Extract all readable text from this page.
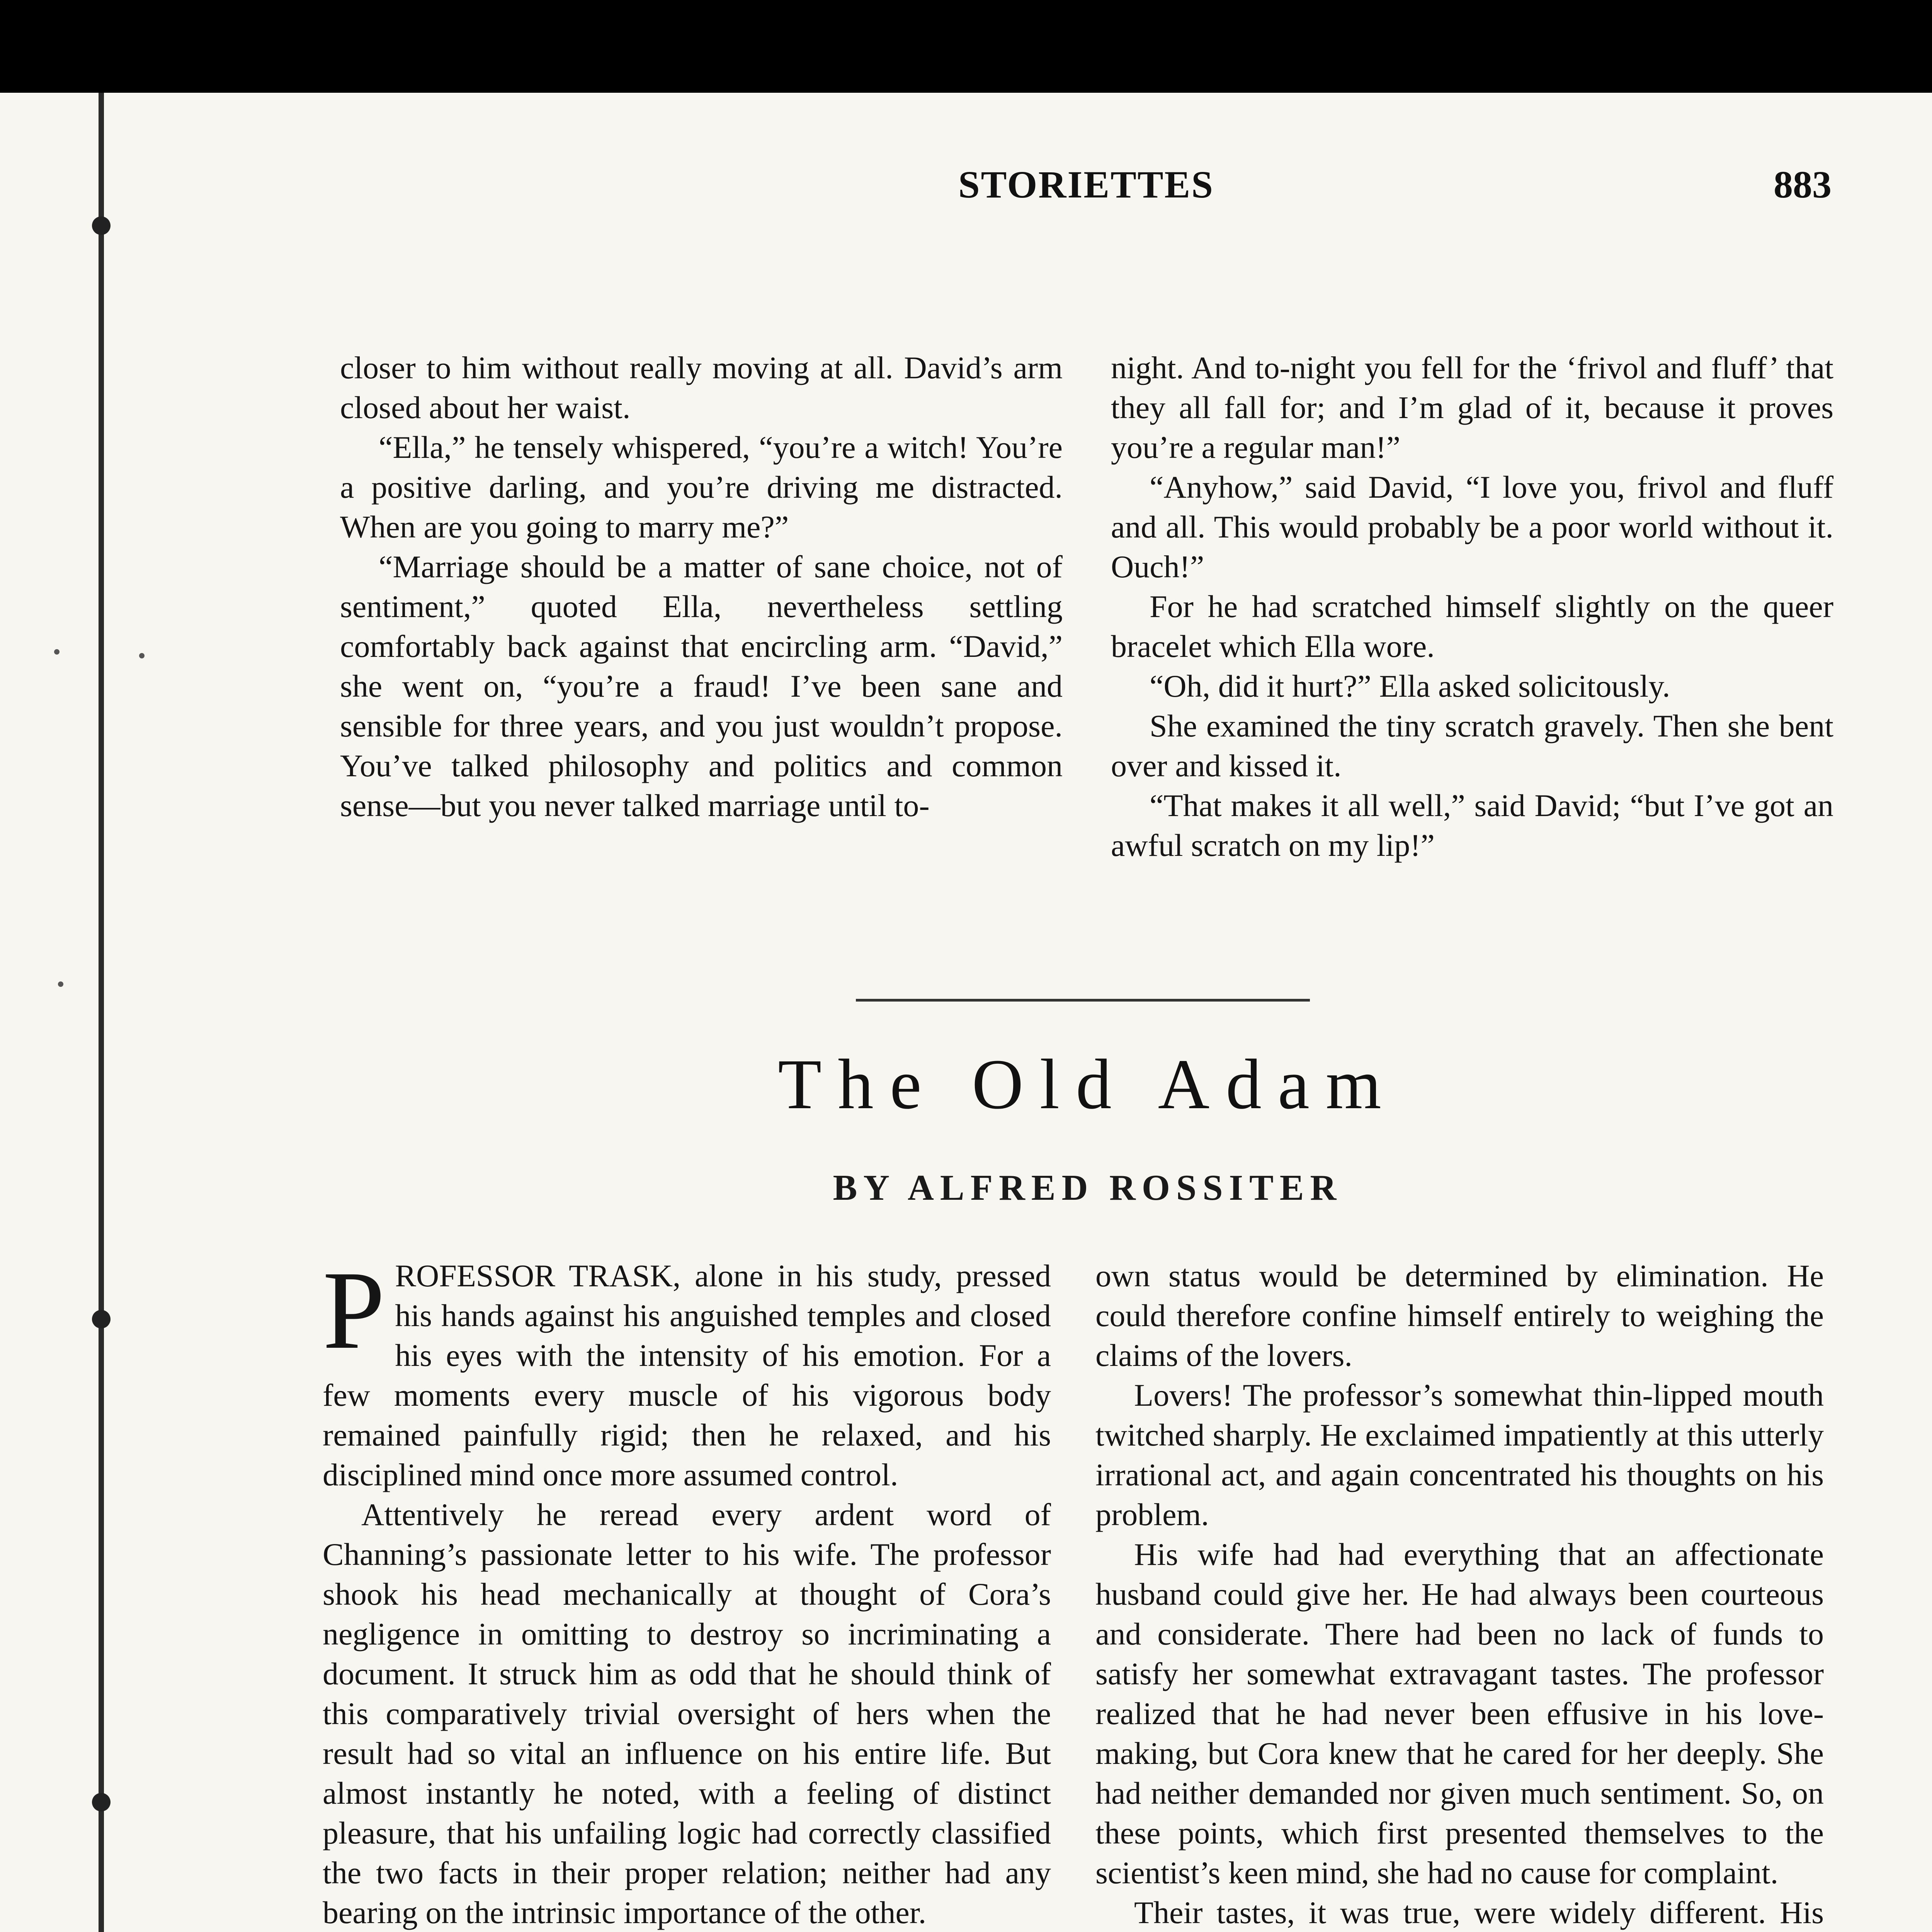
STORIETTES	883

closer to him without really moving at all. David’s arm closed about her waist.

“Ella,” he tensely whispered, “you’re a witch! You’re a positive darling, and you’re driving me distracted. When are you going to marry me?”

“Marriage should be a matter of sane choice, not of sentiment,” quoted Ella, nevertheless settling comfortably back against that encircling arm. “David,” she went on, “you’re a fraud! I’ve been sane and sensible for three years, and you just wouldn’t propose. You’ve talked philosophy and politics and common sense—but you never talked marriage until to-

night. And to-night you fell for the ‘frivol and fluff’ that they all fall for; and I’m glad of it, because it proves you’re a regular man!”

“Anyhow,” said David, “I love you, frivol and fluff and all. This would probably be a poor world without it. Ouch!”

For he had scratched himself slightly on the queer bracelet which Ella wore.

“Oh, did it hurt?” Ella asked solicitously.

She examined the tiny scratch gravely. Then she bent over and kissed it.

“That makes it all well,” said David; “but I’ve got an awful scratch on my lip!”

The Old Adam
BY ALFRED ROSSITER

PROFESSOR TRASK, alone in his study, pressed his hands against his anguished temples and closed his eyes with the intensity of his emotion. For a few moments every muscle of his vigorous body remained painfully rigid; then he relaxed, and his disciplined mind once more assumed control.

Attentively he reread every ardent word of Channing’s passionate letter to his wife. The professor shook his head mechanically at thought of Cora’s negligence in omitting to destroy so incriminating a document. It struck him as odd that he should think of this comparatively trivial oversight of hers when the result had so vital an influence on his entire life. But almost instantly he noted, with a feeling of distinct pleasure, that his unfailing logic had correctly classified the two facts in their proper relation; neither had any bearing on the intrinsic importance of the other.

own status would be determined by elimination. He could therefore confine himself entirely to weighing the claims of the lovers.

Lovers! The professor’s somewhat thin-lipped mouth twitched sharply. He exclaimed impatiently at this utterly irrational act, and again concentrated his thoughts on his problem.

His wife had had everything that an affectionate husband could give her. He had always been courteous and considerate. There had been no lack of funds to satisfy her somewhat extravagant tastes. The professor realized that he had never been effusive in his love-making, but Cora knew that he cared for her deeply. She had neither demanded nor given much sentiment. So, on these points, which first presented themselves to the scientist’s keen mind, she had no cause for complaint.

Their tastes, it was true, were widely different. His
